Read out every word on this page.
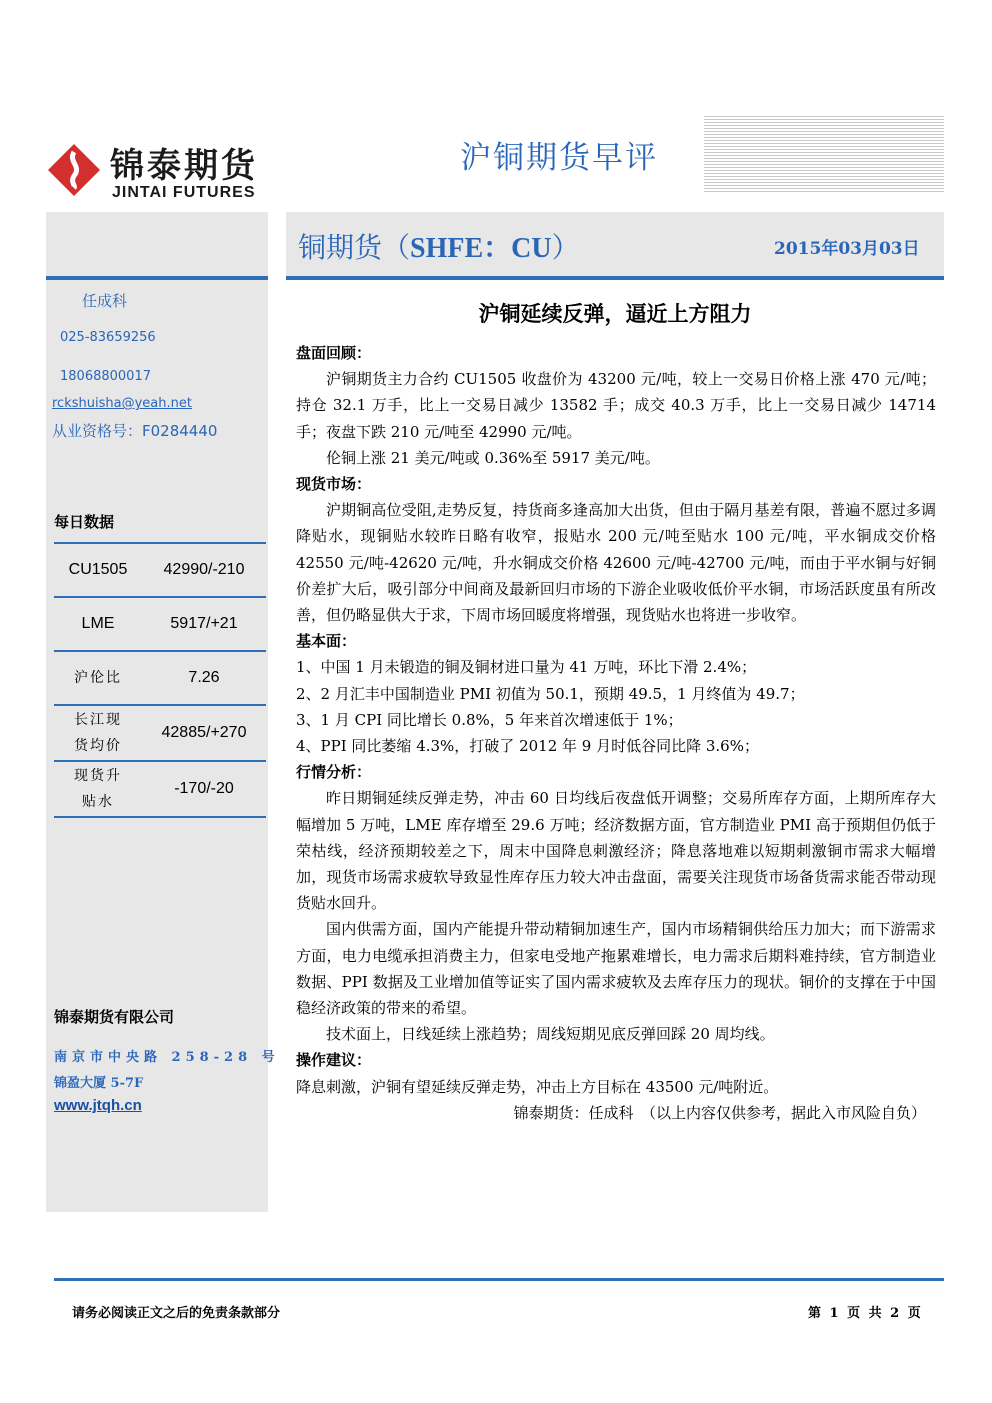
锦泰期货
JINTAI FUTURES
沪铜期货早评
铜期货（SHFE：CU）	2015年03月03日
任成科
025-83659256
18068800017
rckshuisha@yeah.net
从业资格号：F0284440
每日数据
CU1505	42990/-210
LME	5917/+21
沪伦比	7.26

长江现
货均价	42885/+270

现货升
贴水	-170/-20
锦泰期货有限公司
南京市中央路 258-28 号
锦盈大厦 5-7F
www.jtqh.cn
沪铜延续反弹，逼近上方阻力
盘面回顾：
沪铜期货主力合约 CU1505 收盘价为 43200 元/吨，较上一交易日价格上涨 470 元/吨；持仓 32.1 万手，比上一交易日减少 13582 手；成交 40.3 万手，比上一交易日减少 14714 手；夜盘下跌 210 元/吨至 42990 元/吨。
伦铜上涨 21 美元/吨或 0.36%至 5917 美元/吨。
现货市场：
沪期铜高位受阻,走势反复，持货商多逢高加大出货，但由于隔月基差有限，普遍不愿过多调降贴水，现铜贴水较昨日略有收窄，报贴水 200 元/吨至贴水 100 元/吨，平水铜成交价格 42550 元/吨-42620 元/吨，升水铜成交价格 42600 元/吨-42700 元/吨，而由于平水铜与好铜价差扩大后，吸引部分中间商及最新回归市场的下游企业吸收低价平水铜，市场活跃度虽有所改善，但仍略显供大于求，下周市场回暖度将增强，现货贴水也将进一步收窄。
基本面：
1、中国 1 月未锻造的铜及铜材进口量为 41 万吨，环比下滑 2.4%；
2、2 月汇丰中国制造业 PMI 初值为 50.1，预期 49.5，1 月终值为 49.7；
3、1 月 CPI 同比增长 0.8%，5 年来首次增速低于 1%；
4、PPI 同比萎缩 4.3%，打破了 2012 年 9 月时低谷同比降 3.6%；
行情分析：
昨日期铜延续反弹走势，冲击 60 日均线后夜盘低开调整；交易所库存方面，上期所库存大幅增加 5 万吨，LME 库存增至 29.6 万吨；经济数据方面，官方制造业 PMI 高于预期但仍低于荣枯线，经济预期较差之下，周末中国降息刺激经济；降息落地难以短期刺激铜市需求大幅增加，现货市场需求疲软导致显性库存压力较大冲击盘面，需要关注现货市场备货需求能否带动现货贴水回升。
国内供需方面，国内产能提升带动精铜加速生产，国内市场精铜供给压力加大；而下游需求方面，电力电缆承担消费主力，但家电受地产拖累难增长，电力需求后期料难持续，官方制造业数据、PPI 数据及工业增加值等证实了国内需求疲软及去库存压力的现状。铜价的支撑在于中国稳经济政策的带来的希望。
技术面上，日线延续上涨趋势；周线短期见底反弹回踩 20 周均线。
操作建议：
降息刺激，沪铜有望延续反弹走势，冲击上方目标在 43500 元/吨附近。
锦泰期货：任成科　（以上内容仅供参考，据此入市风险自负）
请务必阅读正文之后的免责条款部分	第 1 页 共 2 页
